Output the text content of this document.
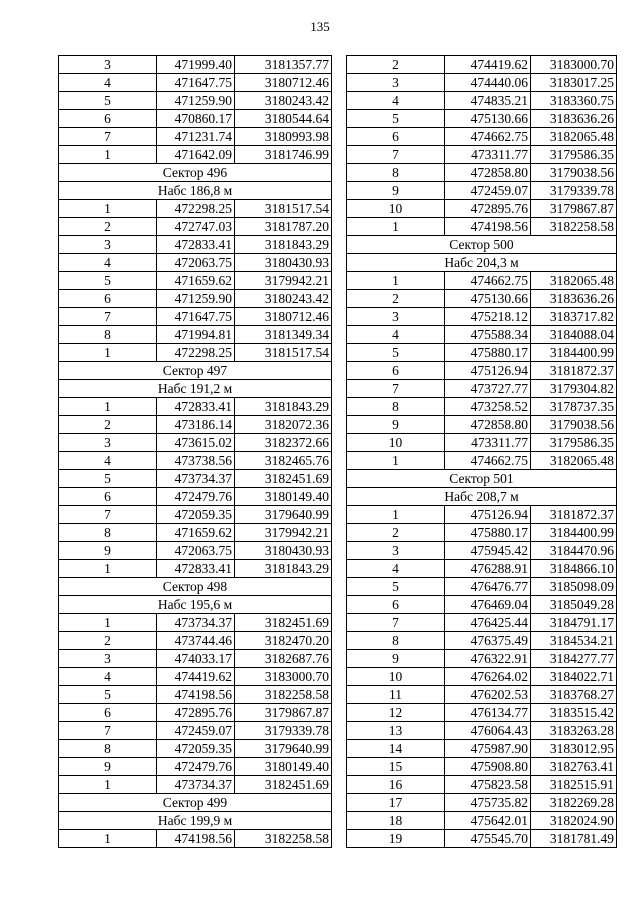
135
3	471999.40	3181357.77
4	471647.75	3180712.46
5	471259.90	3180243.42
6	470860.17	3180544.64
7	471231.74	3180993.98
1	471642.09	3181746.99
Сектор 496		
Набс 186,8 м		
1	472298.25	3181517.54
2	472747.03	3181787.20
3	472833.41	3181843.29
4	472063.75	3180430.93
5	471659.62	3179942.21
6	471259.90	3180243.42
7	471647.75	3180712.46
8	471994.81	3181349.34
1	472298.25	3181517.54
Сектор 497		
Набс 191,2 м		
1	472833.41	3181843.29
2	473186.14	3182072.36
3	473615.02	3182372.66
4	473738.56	3182465.76
5	473734.37	3182451.69
6	472479.76	3180149.40
7	472059.35	3179640.99
8	471659.62	3179942.21
9	472063.75	3180430.93
1	472833.41	3181843.29
Сектор 498		
Набс 195,6 м		
1	473734.37	3182451.69
2	473744.46	3182470.20
3	474033.17	3182687.76
4	474419.62	3183000.70
5	474198.56	3182258.58
6	472895.76	3179867.87
7	472459.07	3179339.78
8	472059.35	3179640.99
9	472479.76	3180149.40
1	473734.37	3182451.69
Сектор 499		
Набс 199,9 м		
1	474198.56	3182258.58
2	474419.62	3183000.70
3	474440.06	3183017.25
4	474835.21	3183360.75
5	475130.66	3183636.26
6	474662.75	3182065.48
7	473311.77	3179586.35
8	472858.80	3179038.56
9	472459.07	3179339.78
10	472895.76	3179867.87
1	474198.56	3182258.58
Сектор 500		
Набс 204,3 м		
1	474662.75	3182065.48
2	475130.66	3183636.26
3	475218.12	3183717.82
4	475588.34	3184088.04
5	475880.17	3184400.99
6	475126.94	3181872.37
7	473727.77	3179304.82
8	473258.52	3178737.35
9	472858.80	3179038.56
10	473311.77	3179586.35
1	474662.75	3182065.48
Сектор 501		
Набс 208,7 м		
1	475126.94	3181872.37
2	475880.17	3184400.99
3	475945.42	3184470.96
4	476288.91	3184866.10
5	476476.77	3185098.09
6	476469.04	3185049.28
7	476425.44	3184791.17
8	476375.49	3184534.21
9	476322.91	3184277.77
10	476264.02	3184022.71
11	476202.53	3183768.27
12	476134.77	3183515.42
13	476064.43	3183263.28
14	475987.90	3183012.95
15	475908.80	3182763.41
16	475823.58	3182515.91
17	475735.82	3182269.28
18	475642.01	3182024.90
19	475545.70	3181781.49
